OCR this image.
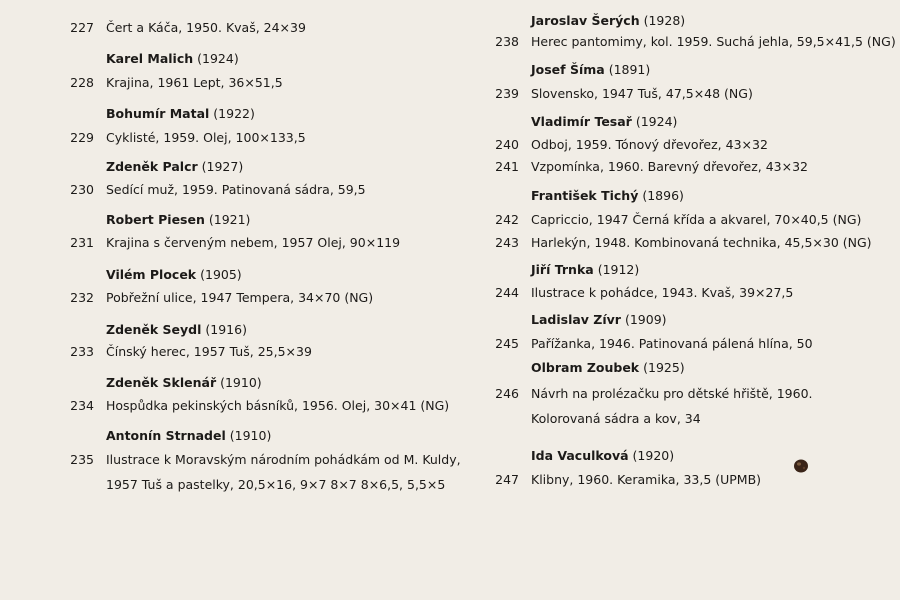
227 Čert a Káča, 1950. Kvaš, 24×39
Karel Malich (1924)
228 Krajina, 1961 Lept, 36×51,5
Bohumír Matal (1922)
229 Cyklisté, 1959. Olej, 100×133,5
Zdeněk Palcr (1927)
230 Sedící muž, 1959. Patinovaná sádra, 59,5
Robert Piesen (1921)
231 Krajina s červeným nebem, 1957 Olej, 90×119
Vilém Plocek (1905)
232 Pobřežní ulice, 1947 Tempera, 34×70 (NG)
Zdeněk Seydl (1916)
233 Čínský herec, 1957 Tuš, 25,5×39
Zdeněk Sklenář (1910)
234 Hospůdka pekinských básníků, 1956. Olej, 30×41 (NG)
Antonín Strnadel (1910)
235 Ilustrace k Moravským národním pohádkám od M. Kuldy,
1957 Tuš a pastelky, 20,5×16, 9×7 8×7 8×6,5, 5,5×5
Jaroslav Šerých (1928)
238 Herec pantomimy, kol. 1959. Suchá jehla, 59,5×41,5 (NG)
Josef Šíma (1891)
239 Slovensko, 1947 Tuš, 47,5×48 (NG)
Vladimír Tesař (1924)
240 Odboj, 1959. Tónový dřevořez, 43×32
241 Vzpomínka, 1960. Barevný dřevořez, 43×32
František Tichý (1896)
242 Capriccio, 1947 Černá křída a akvarel, 70×40,5 (NG)
243 Harlekýn, 1948. Kombinovaná technika, 45,5×30 (NG)
Jiří Trnka (1912)
244 Ilustrace k pohádce, 1943. Kvaš, 39×27,5
Ladislav Zívr (1909)
245 Pařížanka, 1946. Patinovaná pálená hlína, 50
Olbram Zoubek (1925)
246 Návrh na prolézačku pro dětské hřiště, 1960.
Kolorovaná sádra a kov, 34
Ida Vaculková (1920)
247 Klibny, 1960. Keramika, 33,5 (UPMB)
